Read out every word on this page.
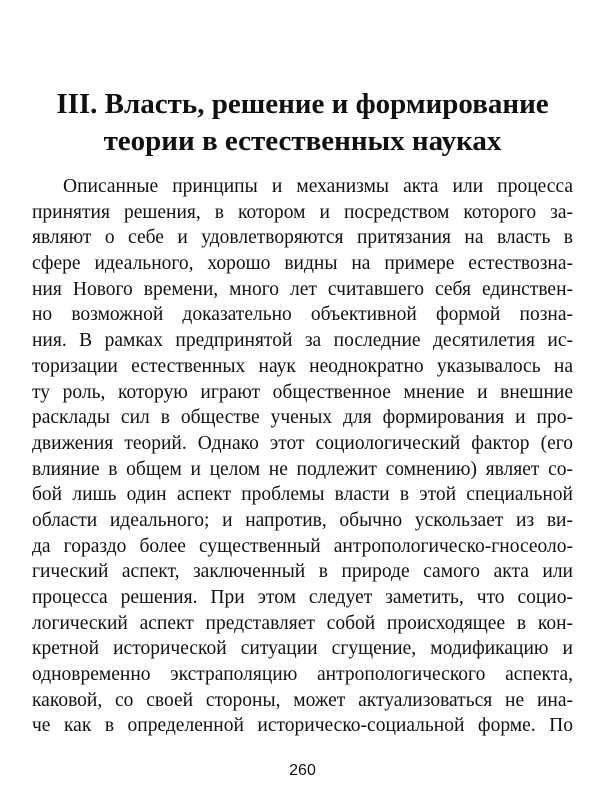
III. Власть, решение и формирование
теории в естественных науках
Описанные принципы и механизмы акта или процесса
принятия решения, в котором и посредством которого за-
являют о себе и удовлетворяются притязания на власть в
сфере идеального, хорошо видны на примере естествозна-
ния Нового времени, много лет считавшего себя единствен-
но возможной доказательно объективной формой позна-
ния. В рамках предпринятой за последние десятилетия ис-
торизации естественных наук неоднократно указывалось на
ту роль, которую играют общественное мнение и внешние
расклады сил в обществе ученых для формирования и про-
движения теорий. Однако этот социологический фактор (его
влияние в общем и целом не подлежит сомнению) являет со-
бой лишь один аспект проблемы власти в этой специальной
области идеального; и напротив, обычно ускользает из ви-
да гораздо более существенный антропологическо-гносеоло-
гический аспект, заключенный в природе самого акта или
процесса решения. При этом следует заметить, что социо-
логический аспект представляет собой происходящее в кон-
кретной исторической ситуации сгущение, модификацию и
одновременно экстраполяцию антропологического аспекта,
каковой, со своей стороны, может актуализоваться не ина-
че как в определенной историческо-социальной форме. По
260
